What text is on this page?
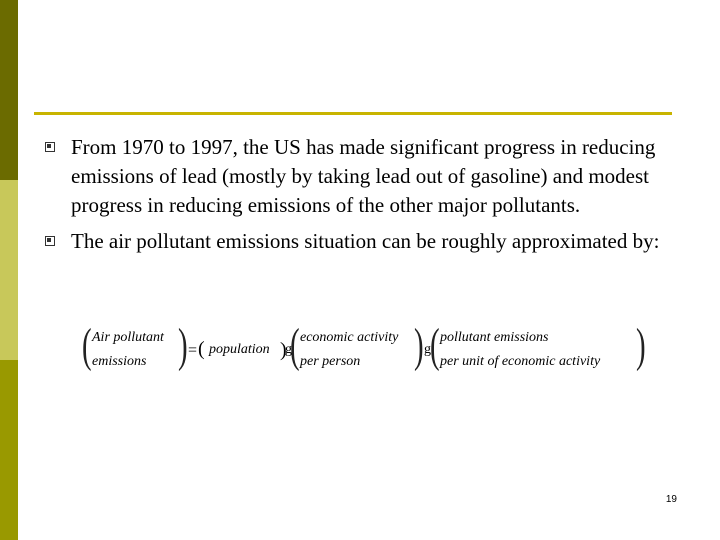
From 1970 to 1997, the US has made significant progress in reducing emissions of lead (mostly by taking lead out of gasoline) and modest progress in reducing emissions of the other major pollutants.
The air pollutant emissions situation can be roughly approximated by:
( Air pollutant
emissions ) = ( population )
g
( economic activity
per person ) g ( pollutant emissions
per unit of economic activity )
19
